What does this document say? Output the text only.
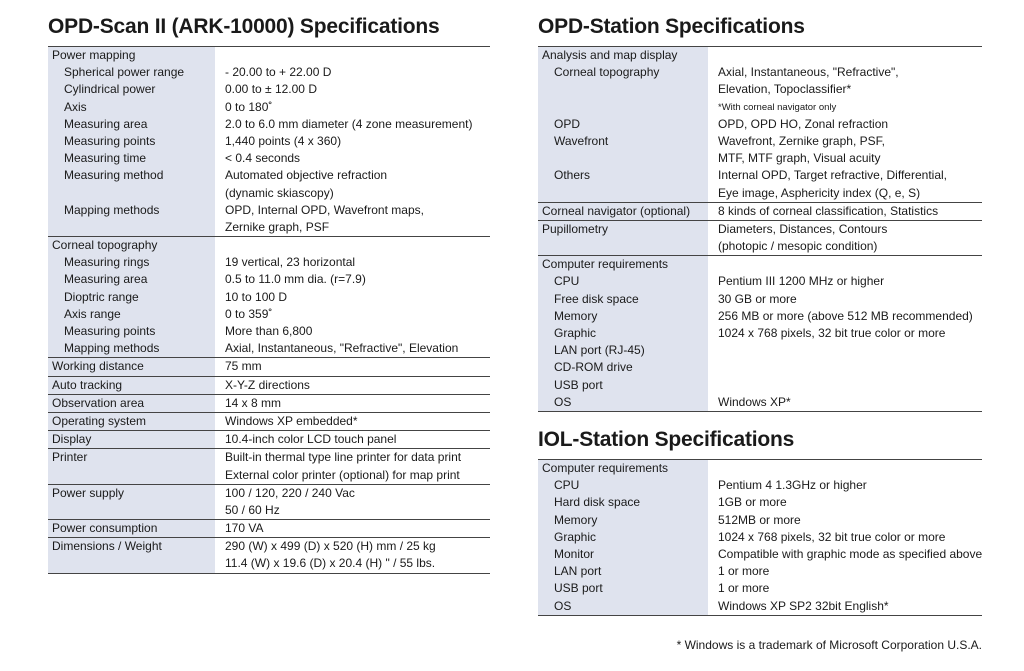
OPD-Scan II (ARK-10000) Specifications
Power mapping
Spherical power range	- 20.00 to + 22.00 D
Cylindrical power	0.00 to ± 12.00 D
Axis	0 to 180˚
Measuring area	2.0 to 6.0 mm diameter (4 zone measurement)
Measuring points	1,440 points (4 x 360)
Measuring time	< 0.4 seconds
Measuring method	Automated objective refraction
(dynamic skiascopy)
Mapping methods	OPD, Internal OPD, Wavefront maps,
Zernike graph, PSF
Corneal topography
Measuring rings	19 vertical, 23 horizontal
Measuring area	0.5 to 11.0 mm dia. (r=7.9)
Dioptric range	10 to 100 D
Axis range	0 to 359˚
Measuring points	More than 6,800
Mapping methods	Axial, Instantaneous, "Refractive", Elevation
Working distance	75 mm
Auto tracking	X-Y-Z directions
Observation area	14 x 8 mm
Operating system	Windows XP embedded*
Display	10.4-inch color LCD touch panel
Printer	Built-in thermal type line printer for data print
External color printer (optional) for map print
Power supply	100 / 120, 220 / 240 Vac
50 / 60 Hz
Power consumption	170 VA
Dimensions / Weight	290 (W) x 499 (D) x 520 (H) mm / 25 kg
11.4 (W) x 19.6 (D) x 20.4 (H) " / 55 lbs.
OPD-Station Specifications
Analysis and map display
Corneal topography	Axial, Instantaneous, "Refractive",
Elevation, Topoclassifier*
*With corneal navigator only
OPD	OPD, OPD HO, Zonal refraction
Wavefront	Wavefront, Zernike graph, PSF,
MTF, MTF graph, Visual acuity
Others	Internal OPD, Target refractive, Differential,
Eye image, Asphericity index (Q, e, S)
Corneal navigator (optional)	8 kinds of corneal classification, Statistics
Pupillometry	Diameters, Distances, Contours
(photopic / mesopic condition)
Computer requirements
CPU	Pentium III 1200 MHz or higher
Free disk space	30 GB or more
Memory	256 MB or more (above 512 MB recommended)
Graphic	1024 x 768 pixels, 32 bit true color or more
LAN port (RJ-45)
CD-ROM drive
USB port
OS	Windows XP*
IOL-Station Specifications
Computer requirements
CPU	Pentium 4 1.3GHz or higher
Hard disk space	1GB or more
Memory	512MB or more
Graphic	1024 x 768 pixels, 32 bit true color or more
Monitor	Compatible with graphic mode as specified above
LAN port	1 or more
USB port	1 or more
OS	Windows XP SP2 32bit English*
* Windows is a trademark of Microsoft Corporation U.S.A.
